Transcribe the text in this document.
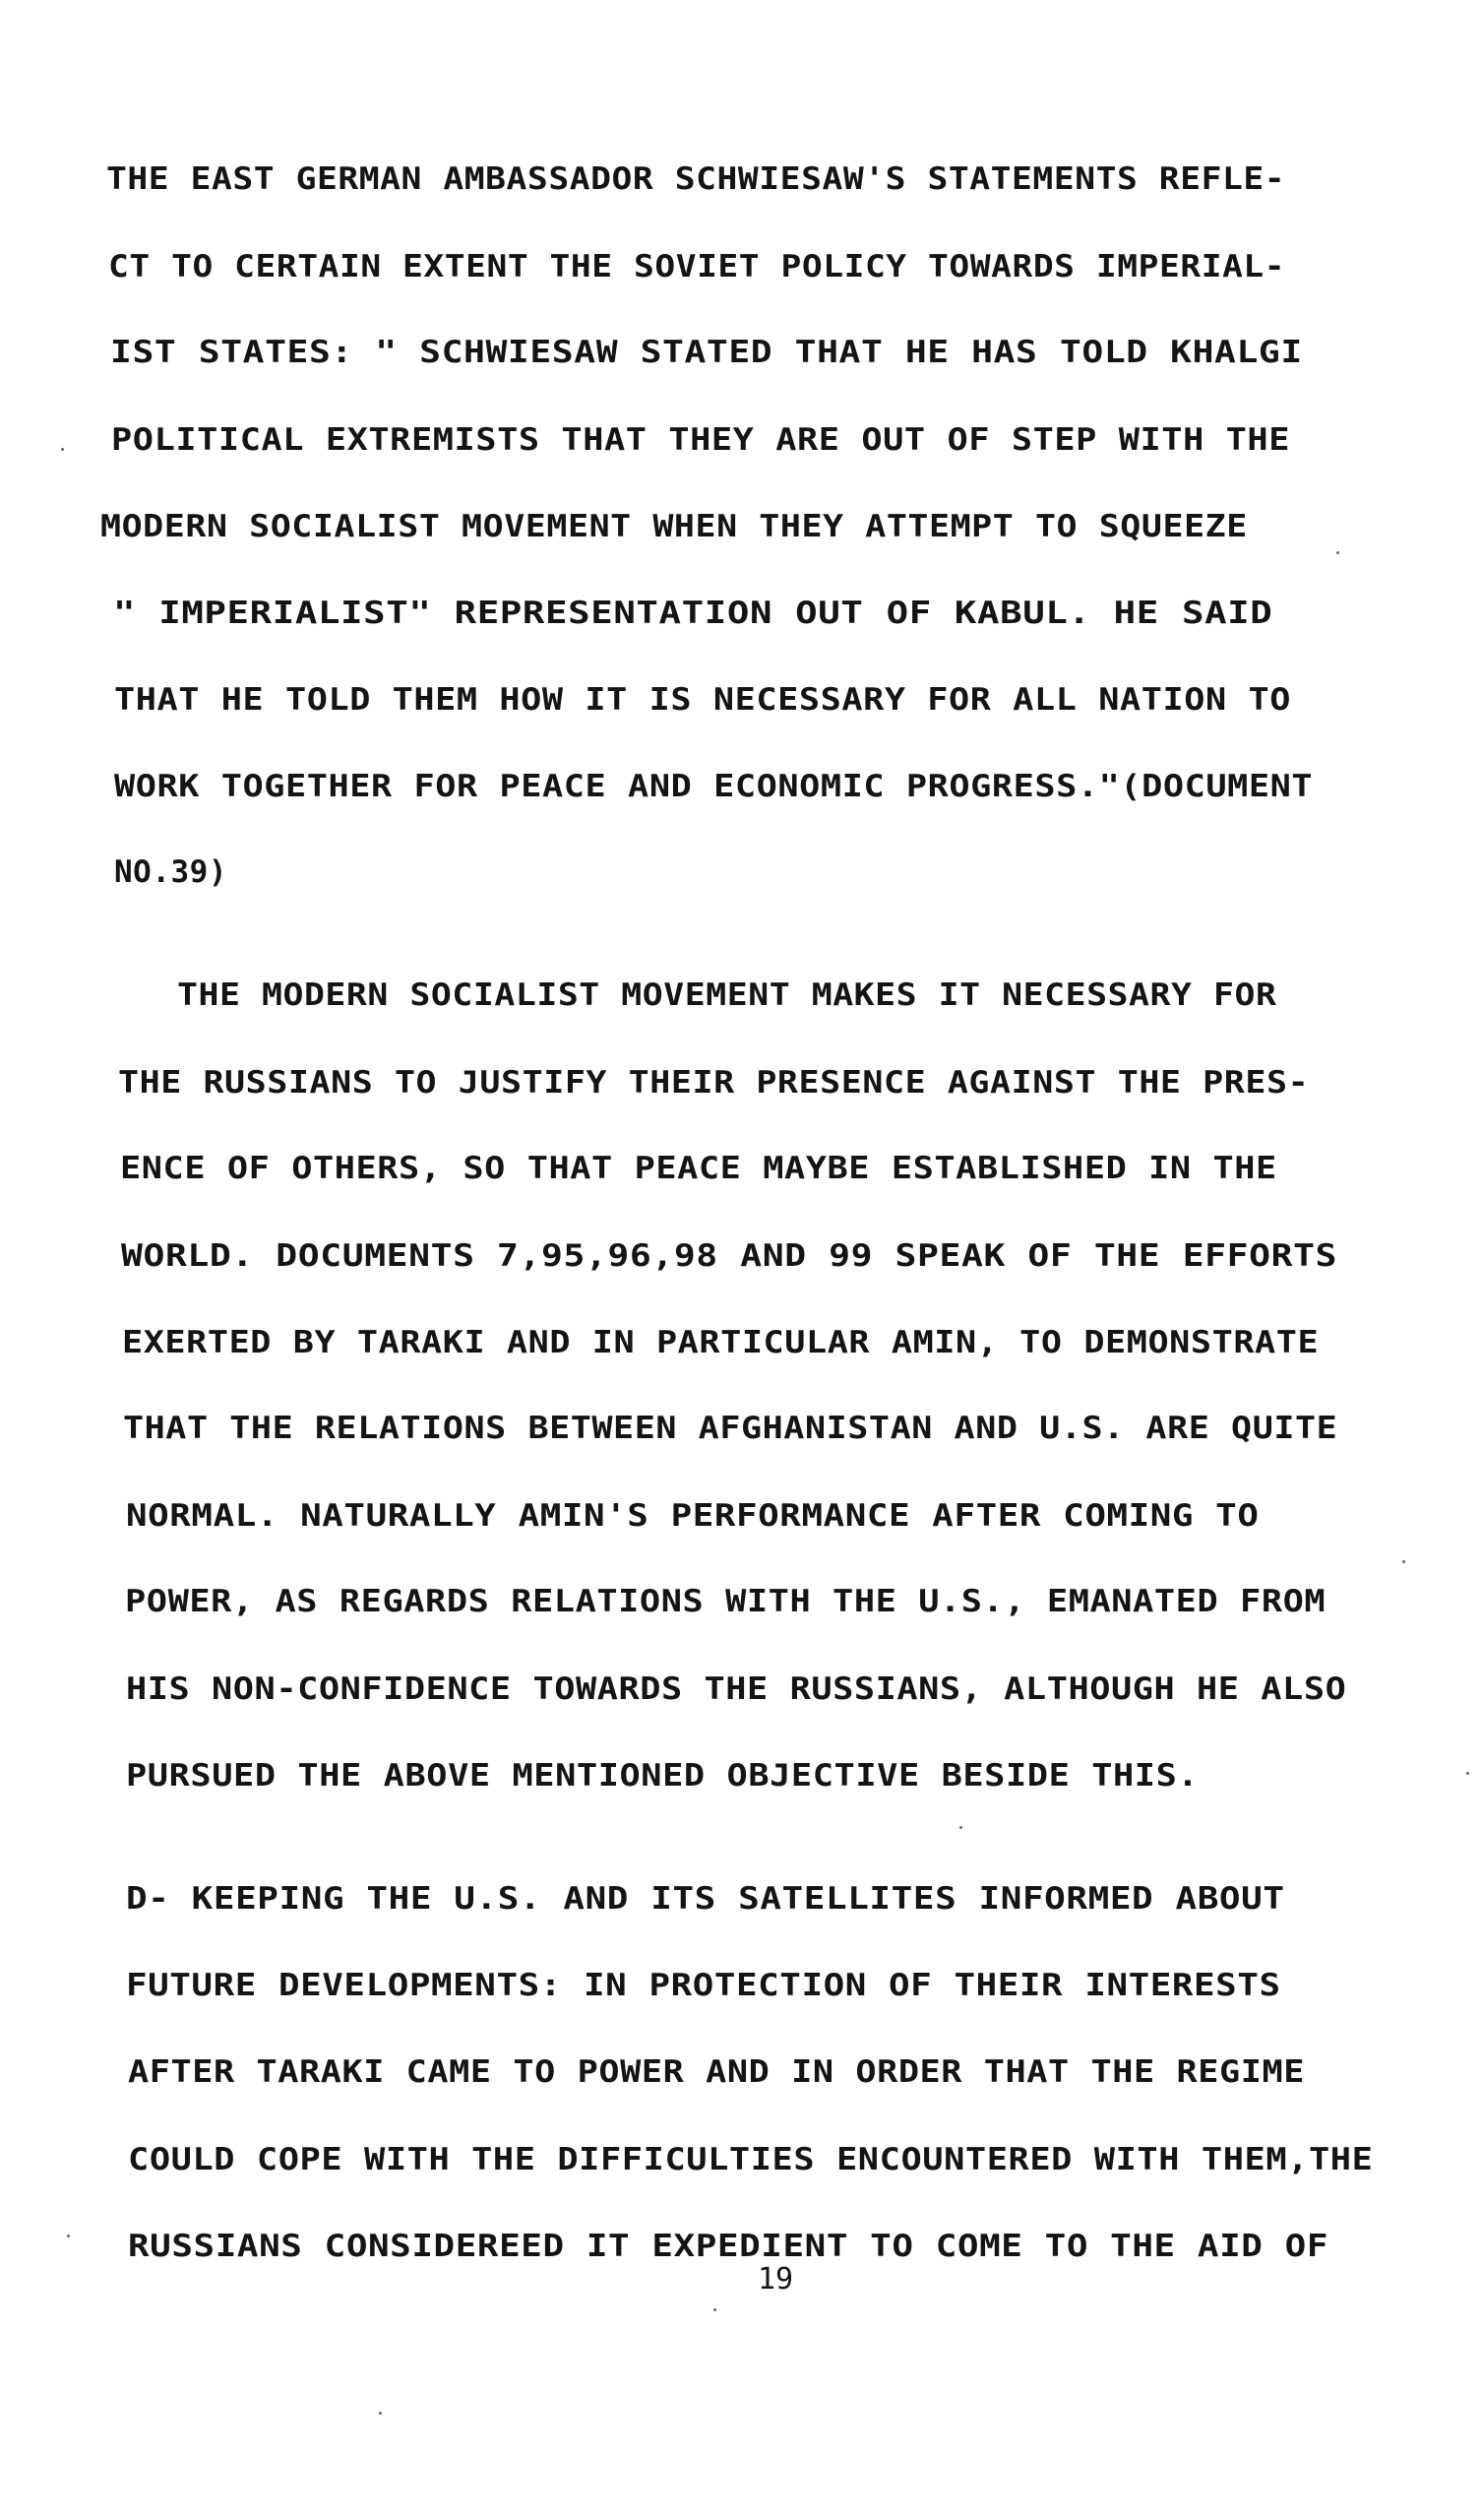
THE EAST GERMAN AMBASSADOR SCHWIESAW'S STATEMENTS REFLE-
CT TO CERTAIN EXTENT THE SOVIET POLICY TOWARDS IMPERIAL-
IST STATES: " SCHWIESAW STATED THAT HE HAS TOLD KHALGI
POLITICAL EXTREMISTS THAT THEY ARE OUT OF STEP WITH THE
MODERN SOCIALIST MOVEMENT WHEN THEY ATTEMPT TO SQUEEZE
" IMPERIALIST" REPRESENTATION OUT OF KABUL. HE SAID
THAT HE TOLD THEM HOW IT IS NECESSARY FOR ALL NATION TO
WORK TOGETHER FOR PEACE AND ECONOMIC PROGRESS."(DOCUMENT
NO.39)
THE MODERN SOCIALIST MOVEMENT MAKES IT NECESSARY FOR
THE RUSSIANS TO JUSTIFY THEIR PRESENCE AGAINST THE PRES-
ENCE OF OTHERS, SO THAT PEACE MAYBE ESTABLISHED IN THE
WORLD. DOCUMENTS 7,95,96,98 AND 99 SPEAK OF THE EFFORTS
EXERTED BY TARAKI AND IN PARTICULAR AMIN, TO DEMONSTRATE
THAT THE RELATIONS BETWEEN AFGHANISTAN AND U.S. ARE QUITE
NORMAL. NATURALLY AMIN'S PERFORMANCE AFTER COMING TO
POWER, AS REGARDS RELATIONS WITH THE U.S., EMANATED FROM
HIS NON-CONFIDENCE TOWARDS THE RUSSIANS, ALTHOUGH HE ALSO
PURSUED THE ABOVE MENTIONED OBJECTIVE BESIDE THIS.
D- KEEPING THE U.S. AND ITS SATELLITES INFORMED ABOUT
FUTURE DEVELOPMENTS: IN PROTECTION OF THEIR INTERESTS
AFTER TARAKI CAME TO POWER AND IN ORDER THAT THE REGIME
COULD COPE WITH THE DIFFICULTIES ENCOUNTERED WITH THEM,THE
RUSSIANS CONSIDEREED IT EXPEDIENT TO COME TO THE AID OF
19
